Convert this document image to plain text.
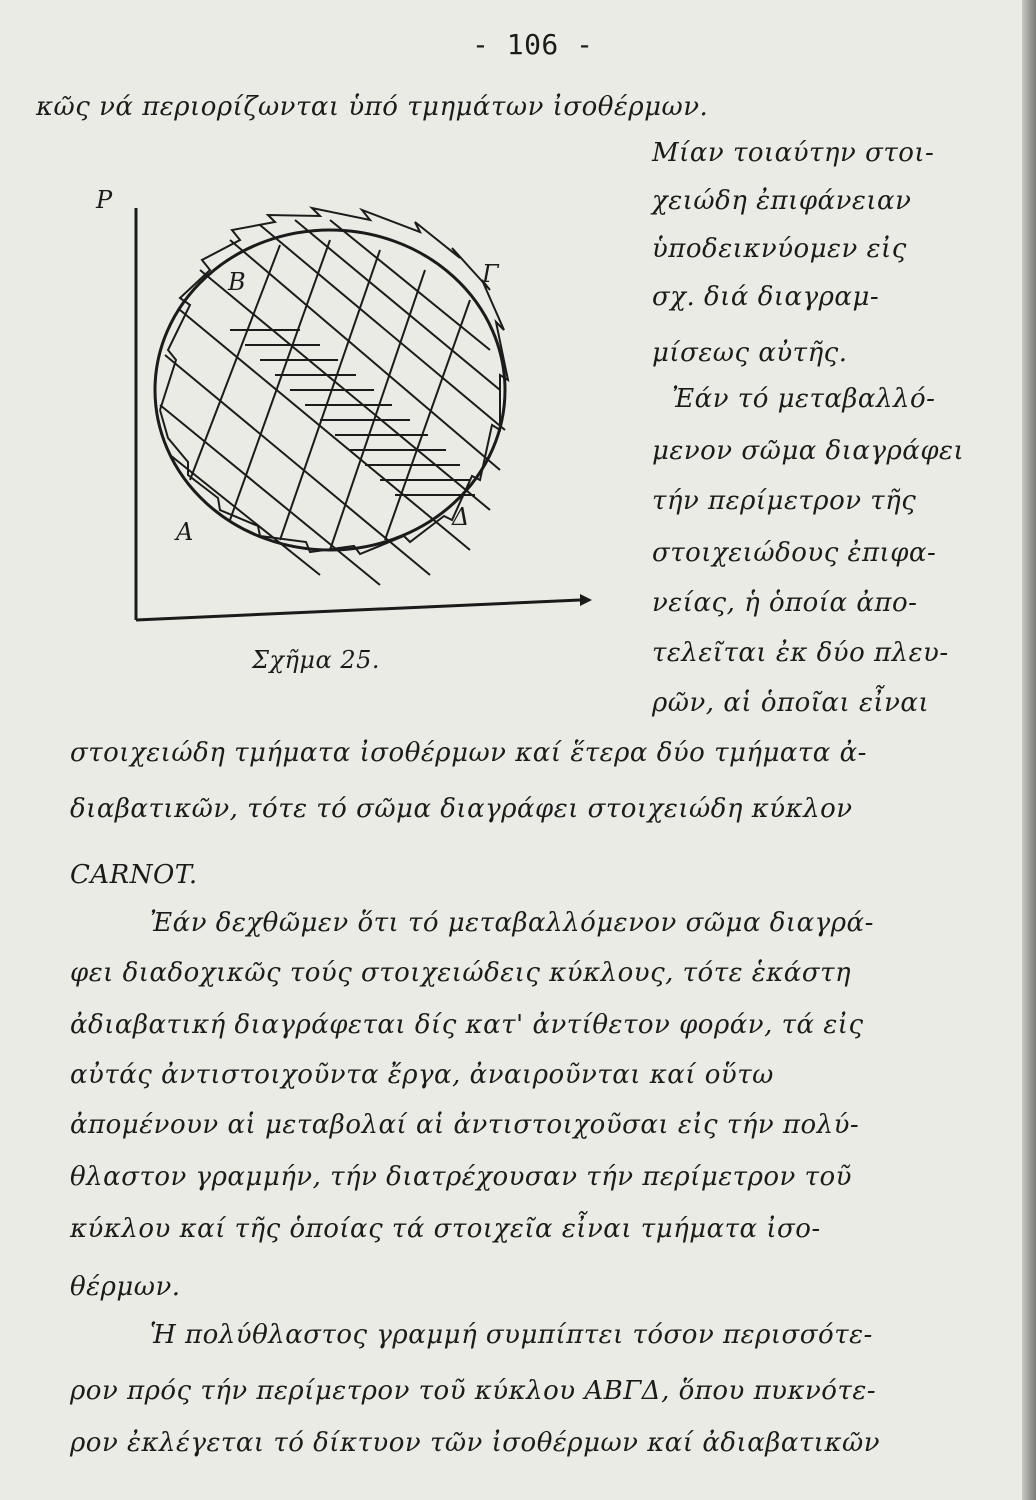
- 106 -
κῶς νά περιορίζωνται ὑπό τμημάτων ἰσοθέρμων.
Μίαν τοιαύτην στοι-
χειώδη ἐπιφάνειαν
ὑποδεικνύομεν εἰς
σχ. διά διαγραμ-
μίσεως αὐτῆς.
Ἐάν τό μεταβαλλό-
μενον σῶμα διαγράφει
τήν περίμετρον τῆς
στοιχειώδους ἐπιφα-
νείας, ἡ ὁποία ἀπο-
τελεῖται ἐκ δύο πλευ-
ρῶν, αἱ ὁποῖαι εἶναι
P
B	Γ
A
Δ
Σχῆμα 25.
στοιχειώδη τμήματα ἰσοθέρμων καί ἕτερα δύο τμήματα ἀ-
διαβατικῶν, τότε τό σῶμα διαγράφει στοιχειώδη κύκλον
CARNOT.
Ἐάν δεχθῶμεν ὅτι τό μεταβαλλόμενον σῶμα διαγρά-
φει διαδοχικῶς τούς στοιχειώδεις κύκλους, τότε ἑκάστη
ἀδιαβατική διαγράφεται δίς κατ' ἀντίθετον φοράν, τά εἰς
αὐτάς ἀντιστοιχοῦντα ἔργα, ἀναιροῦνται καί οὕτω
ἀπομένουν αἱ μεταβολαί αἱ ἀντιστοιχοῦσαι εἰς τήν πολύ-
θλαστον γραμμήν, τήν διατρέχουσαν τήν περίμετρον τοῦ
κύκλου καί τῆς ὁποίας τά στοιχεῖα εἶναι τμήματα ἰσο-
θέρμων.
Ἡ πολύθλαστος γραμμή συμπίπτει τόσον περισσότε-
ρον πρός τήν περίμετρον τοῦ κύκλου ΑΒΓΔ, ὅπου πυκνότε-
ρον ἐκλέγεται τό δίκτυον τῶν ἰσοθέρμων καί ἀδιαβατικῶν
